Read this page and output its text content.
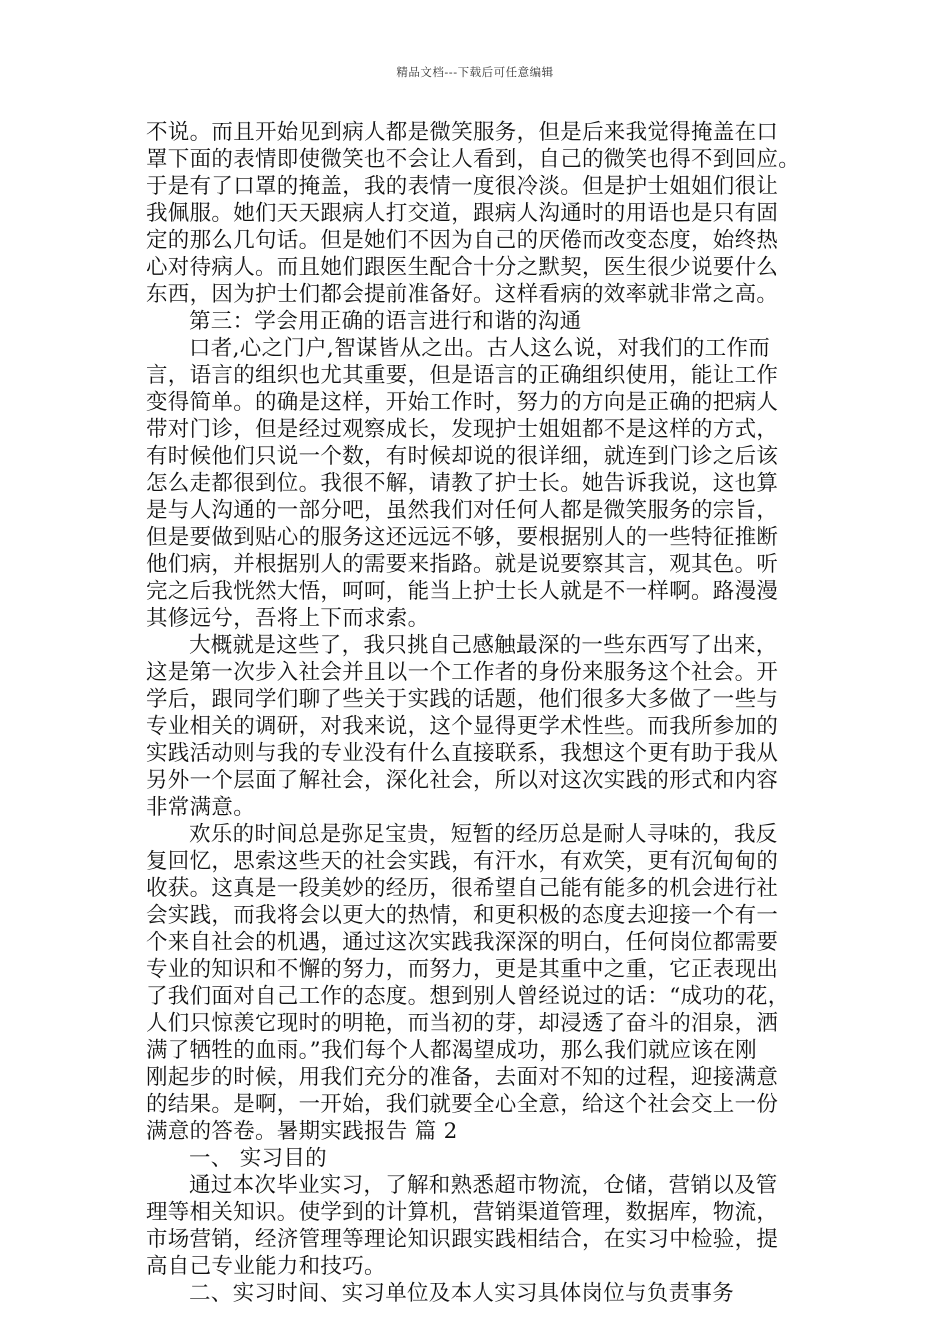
精品文档---下载后可任意编辑
不说。而且开始见到病人都是微笑服务，但是后来我觉得掩盖在口
罩下面的表情即使微笑也不会让人看到，自己的微笑也得不到回应。
于是有了口罩的掩盖，我的表情一度很冷淡。但是护士姐姐们很让
我佩服。她们天天跟病人打交道，跟病人沟通时的用语也是只有固
定的那么几句话。但是她们不因为自己的厌倦而改变态度，始终热
心对待病人。而且她们跟医生配合十分之默契，医生很少说要什么
东西，因为护士们都会提前准备好。这样看病的效率就非常之高。
第三：学会用正确的语言进行和谐的沟通
口者,心之门户,智谋皆从之出。古人这么说，对我们的工作而
言，语言的组织也尤其重要，但是语言的正确组织使用，能让工作
变得简单。的确是这样，开始工作时，努力的方向是正确的把病人
带对门诊，但是经过观察成长，发现护士姐姐都不是这样的方式，
有时候他们只说一个数，有时候却说的很详细，就连到门诊之后该
怎么走都很到位。我很不解，请教了护士长。她告诉我说，这也算
是与人沟通的一部分吧，虽然我们对任何人都是微笑服务的宗旨，
但是要做到贴心的服务这还远远不够，要根据别人的一些特征推断
他们病，并根据别人的需要来指路。就是说要察其言，观其色。听
完之后我恍然大悟，呵呵，能当上护士长人就是不一样啊。路漫漫
其修远兮，吾将上下而求索。
大概就是这些了，我只挑自己感触最深的一些东西写了出来，
这是第一次步入社会并且以一个工作者的身份来服务这个社会。开
学后，跟同学们聊了些关于实践的话题，他们很多大多做了一些与
专业相关的调研，对我来说，这个显得更学术性些。而我所参加的
实践活动则与我的专业没有什么直接联系，我想这个更有助于我从
另外一个层面了解社会，深化社会，所以对这次实践的形式和内容
非常满意。
欢乐的时间总是弥足宝贵，短暂的经历总是耐人寻味的，我反
复回忆，思索这些天的社会实践，有汗水，有欢笑，更有沉甸甸的
收获。这真是一段美妙的经历，很希望自己能有能多的机会进行社
会实践，而我将会以更大的热情，和更积极的态度去迎接一个有一
个来自社会的机遇，通过这次实践我深深的明白，任何岗位都需要
专业的知识和不懈的努力，而努力，更是其重中之重，它正表现出
了我们面对自己工作的态度。想到别人曾经说过的话：“成功的花，
人们只惊羡它现时的明艳，而当初的芽，却浸透了奋斗的泪泉，洒
满了牺牲的血雨。”我们每个人都渴望成功，那么我们就应该在刚
刚起步的时候，用我们充分的准备，去面对不知的过程，迎接满意
的结果。是啊，一开始，我们就要全心全意，给这个社会交上一份
满意的答卷。暑期实践报告 篇 2
一、 实习目的
通过本次毕业实习，了解和熟悉超市物流，仓储，营销以及管
理等相关知识。使学到的计算机，营销渠道管理，数据库，物流，
市场营销，经济管理等理论知识跟实践相结合，在实习中检验，提
高自己专业能力和技巧。
二、实习时间、实习单位及本人实习具体岗位与负责事务
